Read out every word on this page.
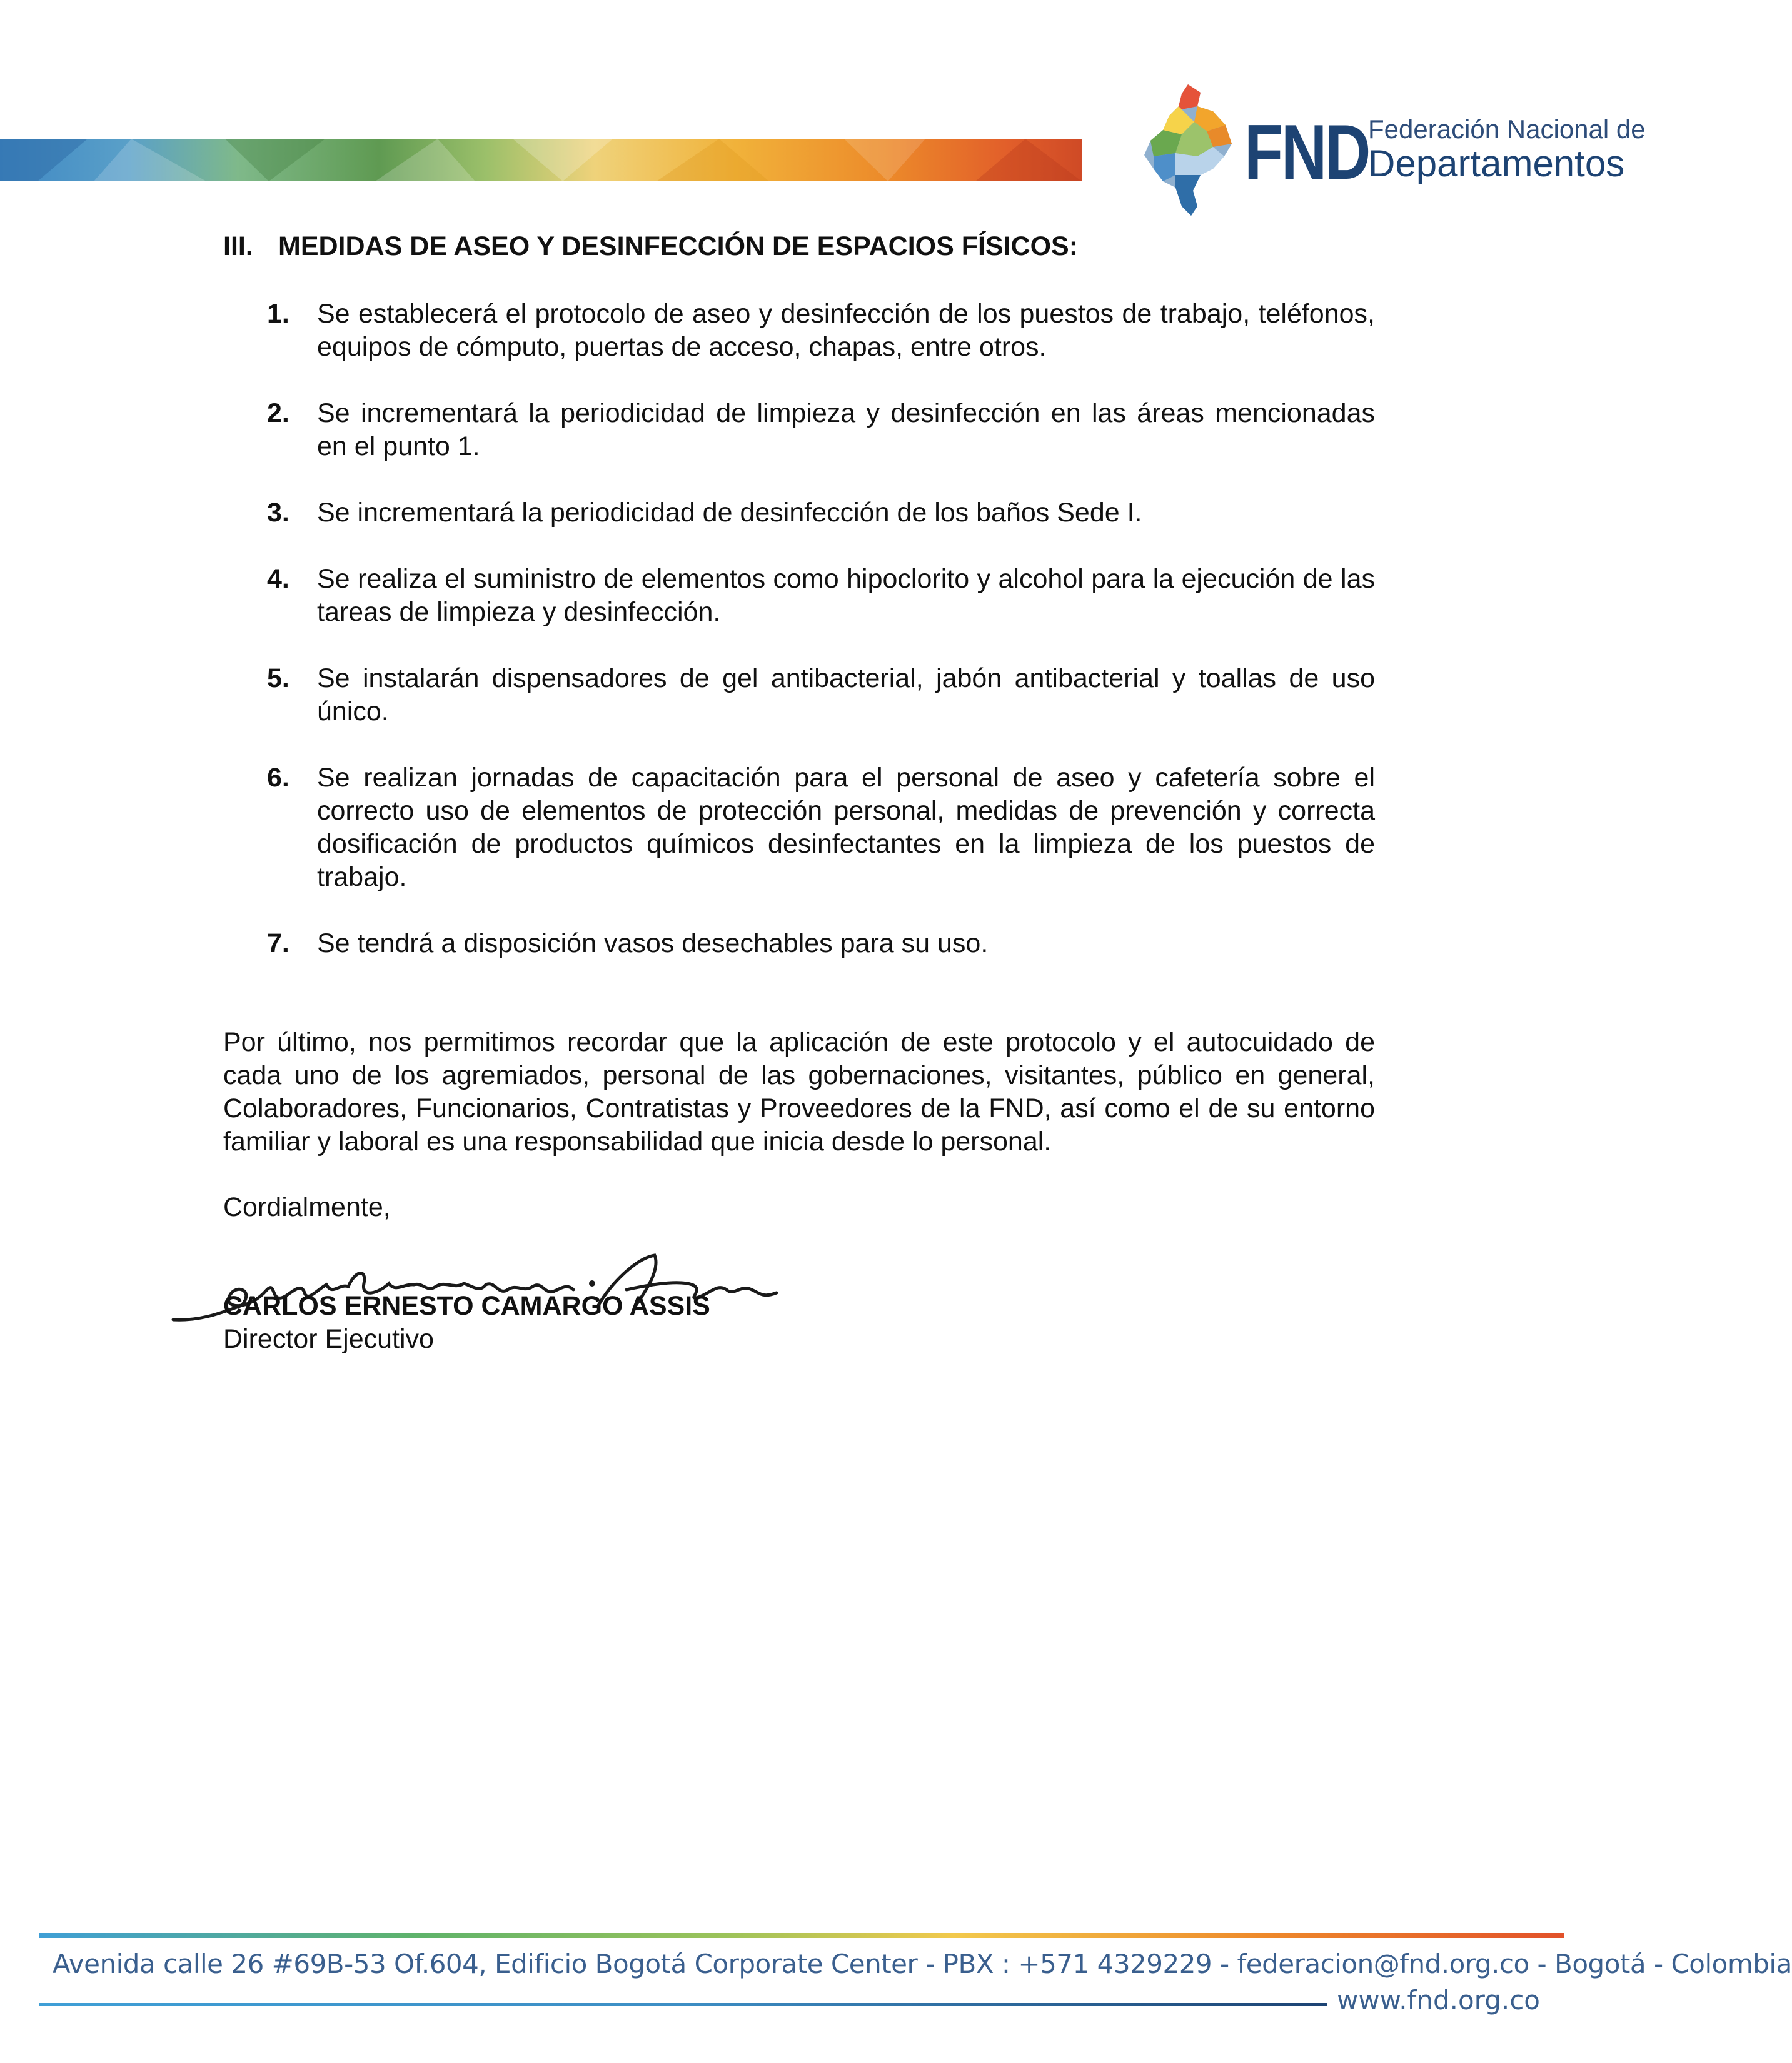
FND
Federación Nacional de
Departamentos
III. MEDIDAS DE ASEO Y DESINFECCIÓN DE ESPACIOS FÍSICOS:
1.	Se establecerá el protocolo de aseo y desinfección de los puestos de trabajo, teléfonos, equipos de cómputo, puertas de acceso, chapas, entre otros.
2.	Se incrementará la periodicidad de limpieza y desinfección en las áreas mencionadas en el punto 1.
3.	Se incrementará la periodicidad de desinfección de los baños Sede I.
4.	Se realiza el suministro de elementos como hipoclorito y alcohol para la ejecución de las tareas de limpieza y desinfección.
5.	Se instalarán dispensadores de gel antibacterial, jabón antibacterial y toallas de uso único.
6.	Se realizan jornadas de capacitación para el personal de aseo y cafetería sobre el correcto uso de elementos de protección personal, medidas de prevención y correcta dosificación de productos químicos desinfectantes en la limpieza de los puestos de trabajo.
7.	Se tendrá a disposición vasos desechables para su uso.
Por último, nos permitimos recordar que la aplicación de este protocolo y el autocuidado de cada uno de los agremiados, personal de las gobernaciones, visitantes, público en general, Colaboradores, Funcionarios, Contratistas y Proveedores de la FND, así como el de su entorno familiar y laboral es una responsabilidad que inicia desde lo personal.
Cordialmente,
CARLOS ERNESTO CAMARGO ASSIS
Director Ejecutivo
Avenida calle 26 #69B-53 Of.604, Edificio Bogotá Corporate Center - PBX : +571 4329229 - federacion@fnd.org.co - Bogotá - Colombia
www.fnd.org.co
